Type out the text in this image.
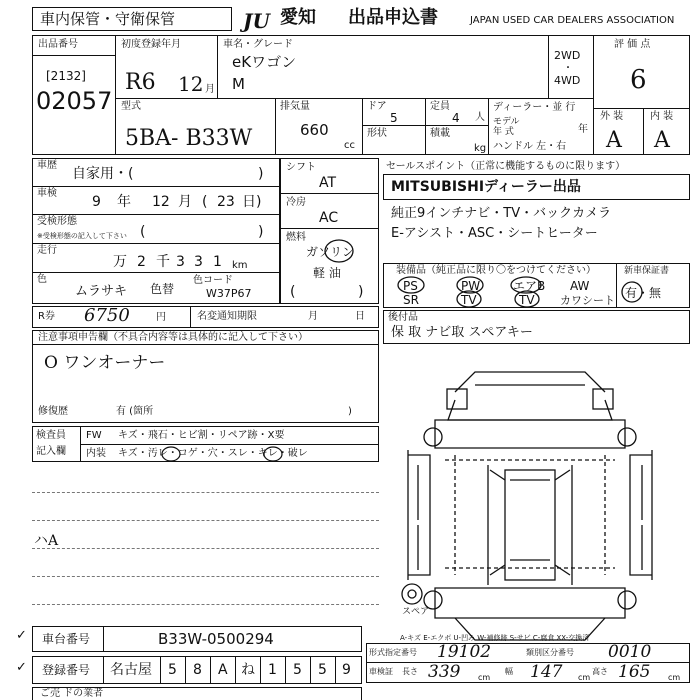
車内保管・守衛保管	JU 愛知 出品申込書	JAPAN USED CAR DEALERS ASSOCIATION
出品番号
[2132]
02057
初度登録年月
R6 12 月
型式
5BA- B33W
車名・グレード
eKワゴン
M
2WD
・
4WD
評 価 点
6
外 装	内 装
A A
排気量
660
cc
ドア
5
形状
定員
4 人
積載
kg
ディーラー・並 行
モデル
年 式	年
ハンドル 左・右
車歴
自家用・(	)
車検
9 年 12 月 ( 23 日)
受検形態
※受検形態の記入して下さい (	)
走行
万 2 千 3 3 1 km
色
ムラサキ 色替
色コード
W37P67
シフト
AT
冷房
AC
燃料
ガソリン
軽 油
(	)
セールスポイント（正常に機能するものに限ります）
MITSUBISHIディーラー出品
純正9インチナビ・TV・バックカメラ
E-アシスト・ASC・シートヒーター
装備品（純正品に限り〇をつけてください）
PS	PW	エアB AW
SR	TV	TV カワシート
新車保証書
有・無
後付品
保 取 ナビ取 スペアキー
R券 6750	円	名変通知期限	月	日
注意事項申告欄（不具合内容等は具体的に記入して下さい）
O ワンオーナー
修復歴	有 (箇所	)
検査員
記入欄
FW キズ・飛石・ヒビ割・リペア跡・X要
内装 キズ・汚レ・コゲ・穴・スレ・キレ・破レ
ハA
スペア
A-キズ E-エクボ U-凹み W-補修跡 S-サビ C-腐食 XX-交換済
✓ 車台番号	B33W-0500294
✓ 登録番号 名古屋 5 8 A ね 1 5 5 9
形式指定番号 19102	類別区分番号 0010
車検証 長さ 339 cm
幅 147 cm
高さ 165 cm
ご売 ドの業者
